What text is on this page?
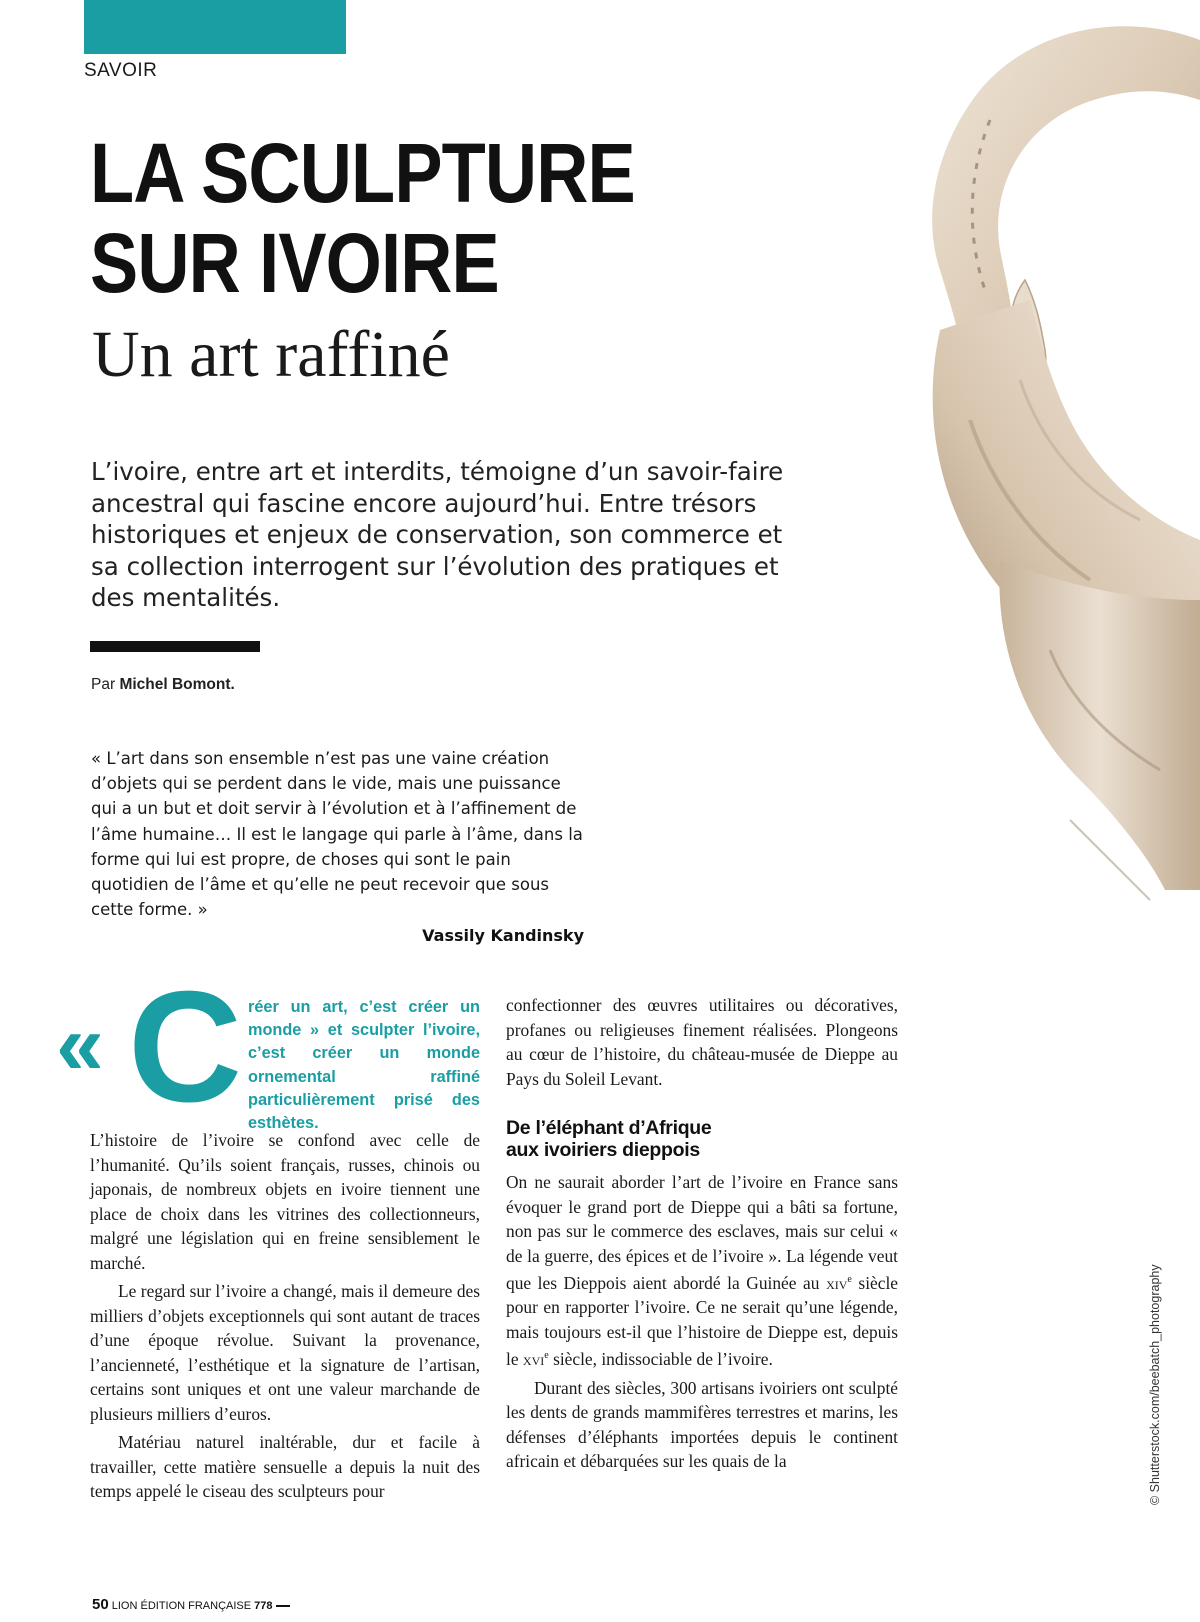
SAVOIR
LA SCULPTURE
SUR IVOIRE
Un art raffiné

L’ivoire, entre art et interdits, témoigne d’un savoir-faire ancestral qui fascine encore aujourd’hui. Entre trésors historiques et enjeux de conservation, son commerce et sa collection interrogent sur l’évolution des pratiques et des mentalités.

Par Michel Bomont.

« L’art dans son ensemble n’est pas une vaine création d’objets qui se perdent dans le vide, mais une puissance qui a un but et doit servir à l’évolution et à l’affinement de l’âme humaine… Il est le langage qui parle à l’âme, dans la forme qui lui est propre, de choses qui sont le pain quotidien de l’âme et qu’elle ne peut recevoir que sous cette forme. »

Vassily Kandinsky
© Shutterstock.com/beebatch_photography
« C réer un art, c’est créer un monde » et sculpter l’ivoire, c’est créer un monde ornemental raffiné particulièrement prisé des esthètes.

L’histoire de l’ivoire se confond avec celle de l’humanité. Qu’ils soient français, russes, chinois ou japonais, de nombreux objets en ivoire tiennent une place de choix dans les vitrines des collectionneurs, malgré une législation qui en freine sensiblement le marché.

Le regard sur l’ivoire a changé, mais il demeure des milliers d’objets exceptionnels qui sont autant de traces d’une époque révolue. Suivant la provenance, l’ancienneté, l’esthétique et la signature de l’artisan, certains sont uniques et ont une valeur marchande de plusieurs milliers d’euros.

Matériau naturel inaltérable, dur et facile à travailler, cette matière sensuelle a depuis la nuit des temps appelé le ciseau des sculpteurs pour

confectionner des œuvres utilitaires ou décoratives, profanes ou religieuses finement réalisées. Plongeons au cœur de l’histoire, du château-musée de Dieppe au Pays du Soleil Levant.

De l’éléphant d’Afrique
aux ivoiriers dieppois

On ne saurait aborder l’art de l’ivoire en France sans évoquer le grand port de Dieppe qui a bâti sa fortune, non pas sur le commerce des esclaves, mais sur celui « de la guerre, des épices et de l’ivoire ». La légende veut que les Dieppois aient abordé la Guinée au xiv$^e$ siècle pour en rapporter l’ivoire. Ce ne serait qu’une légende, mais toujours est-il que l’histoire de Dieppe est, depuis le xvi$^e$ siècle, indissociable de l’ivoire.

Durant des siècles, 300 artisans ivoiriers ont sculpté les dents de grands mammifères terrestres et marins, les défenses d’éléphants importées depuis le continent africain et débarquées sur les quais de la

50 LION ÉDITION FRANÇAISE 778
